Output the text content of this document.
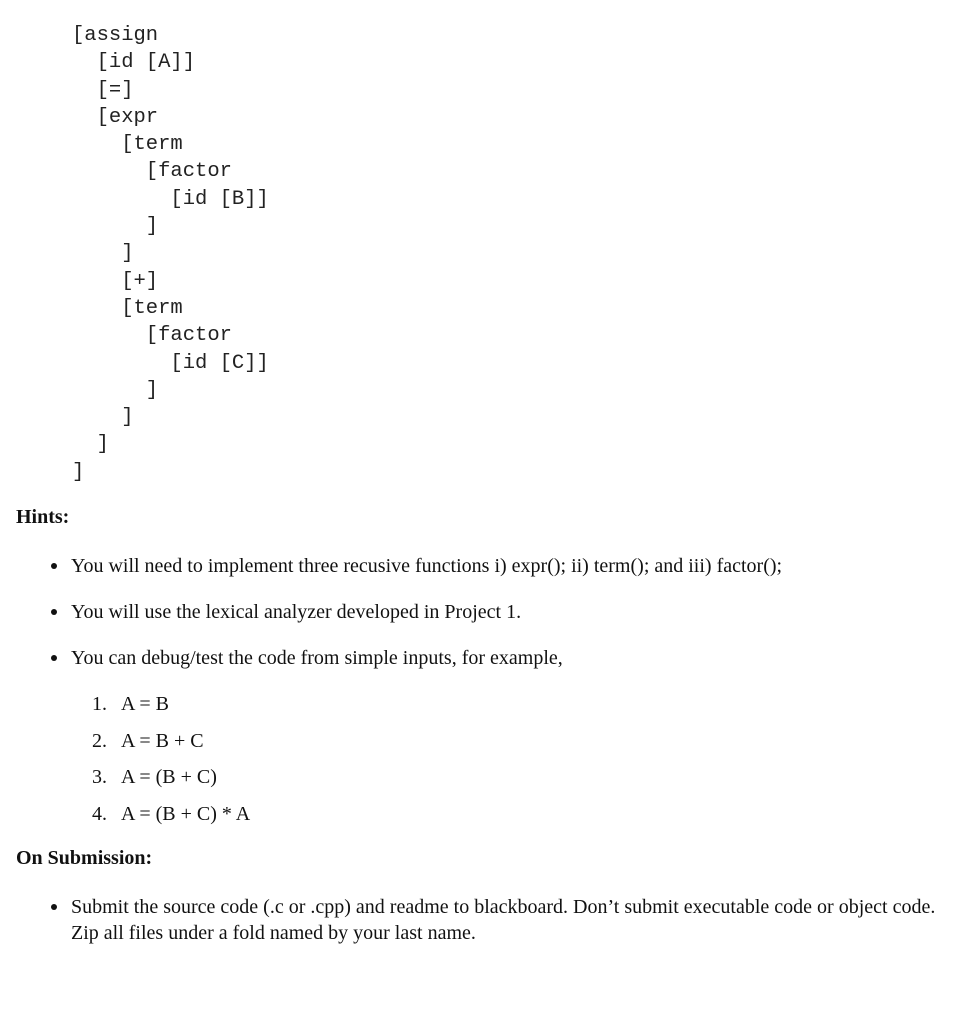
[assign
[id [A]]
[=]
[expr
[term
[factor
[id [B]]
]
]
[+]
[term
[factor
[id [C]]
]
]
]
]
Hints:
You will need to implement three recusive functions i) expr(); ii) term(); and iii) factor();
You will use the lexical analyzer developed in Project 1.
You can debug/test the code from simple inputs, for example,
1. A = B
2. A = B + C
3. A = (B + C)
4. A = (B + C) * A
On Submission:
Submit the source code (.c or .cpp) and readme to blackboard. Don’t submit executable code or object code. Zip all files under a fold named by your last name.
